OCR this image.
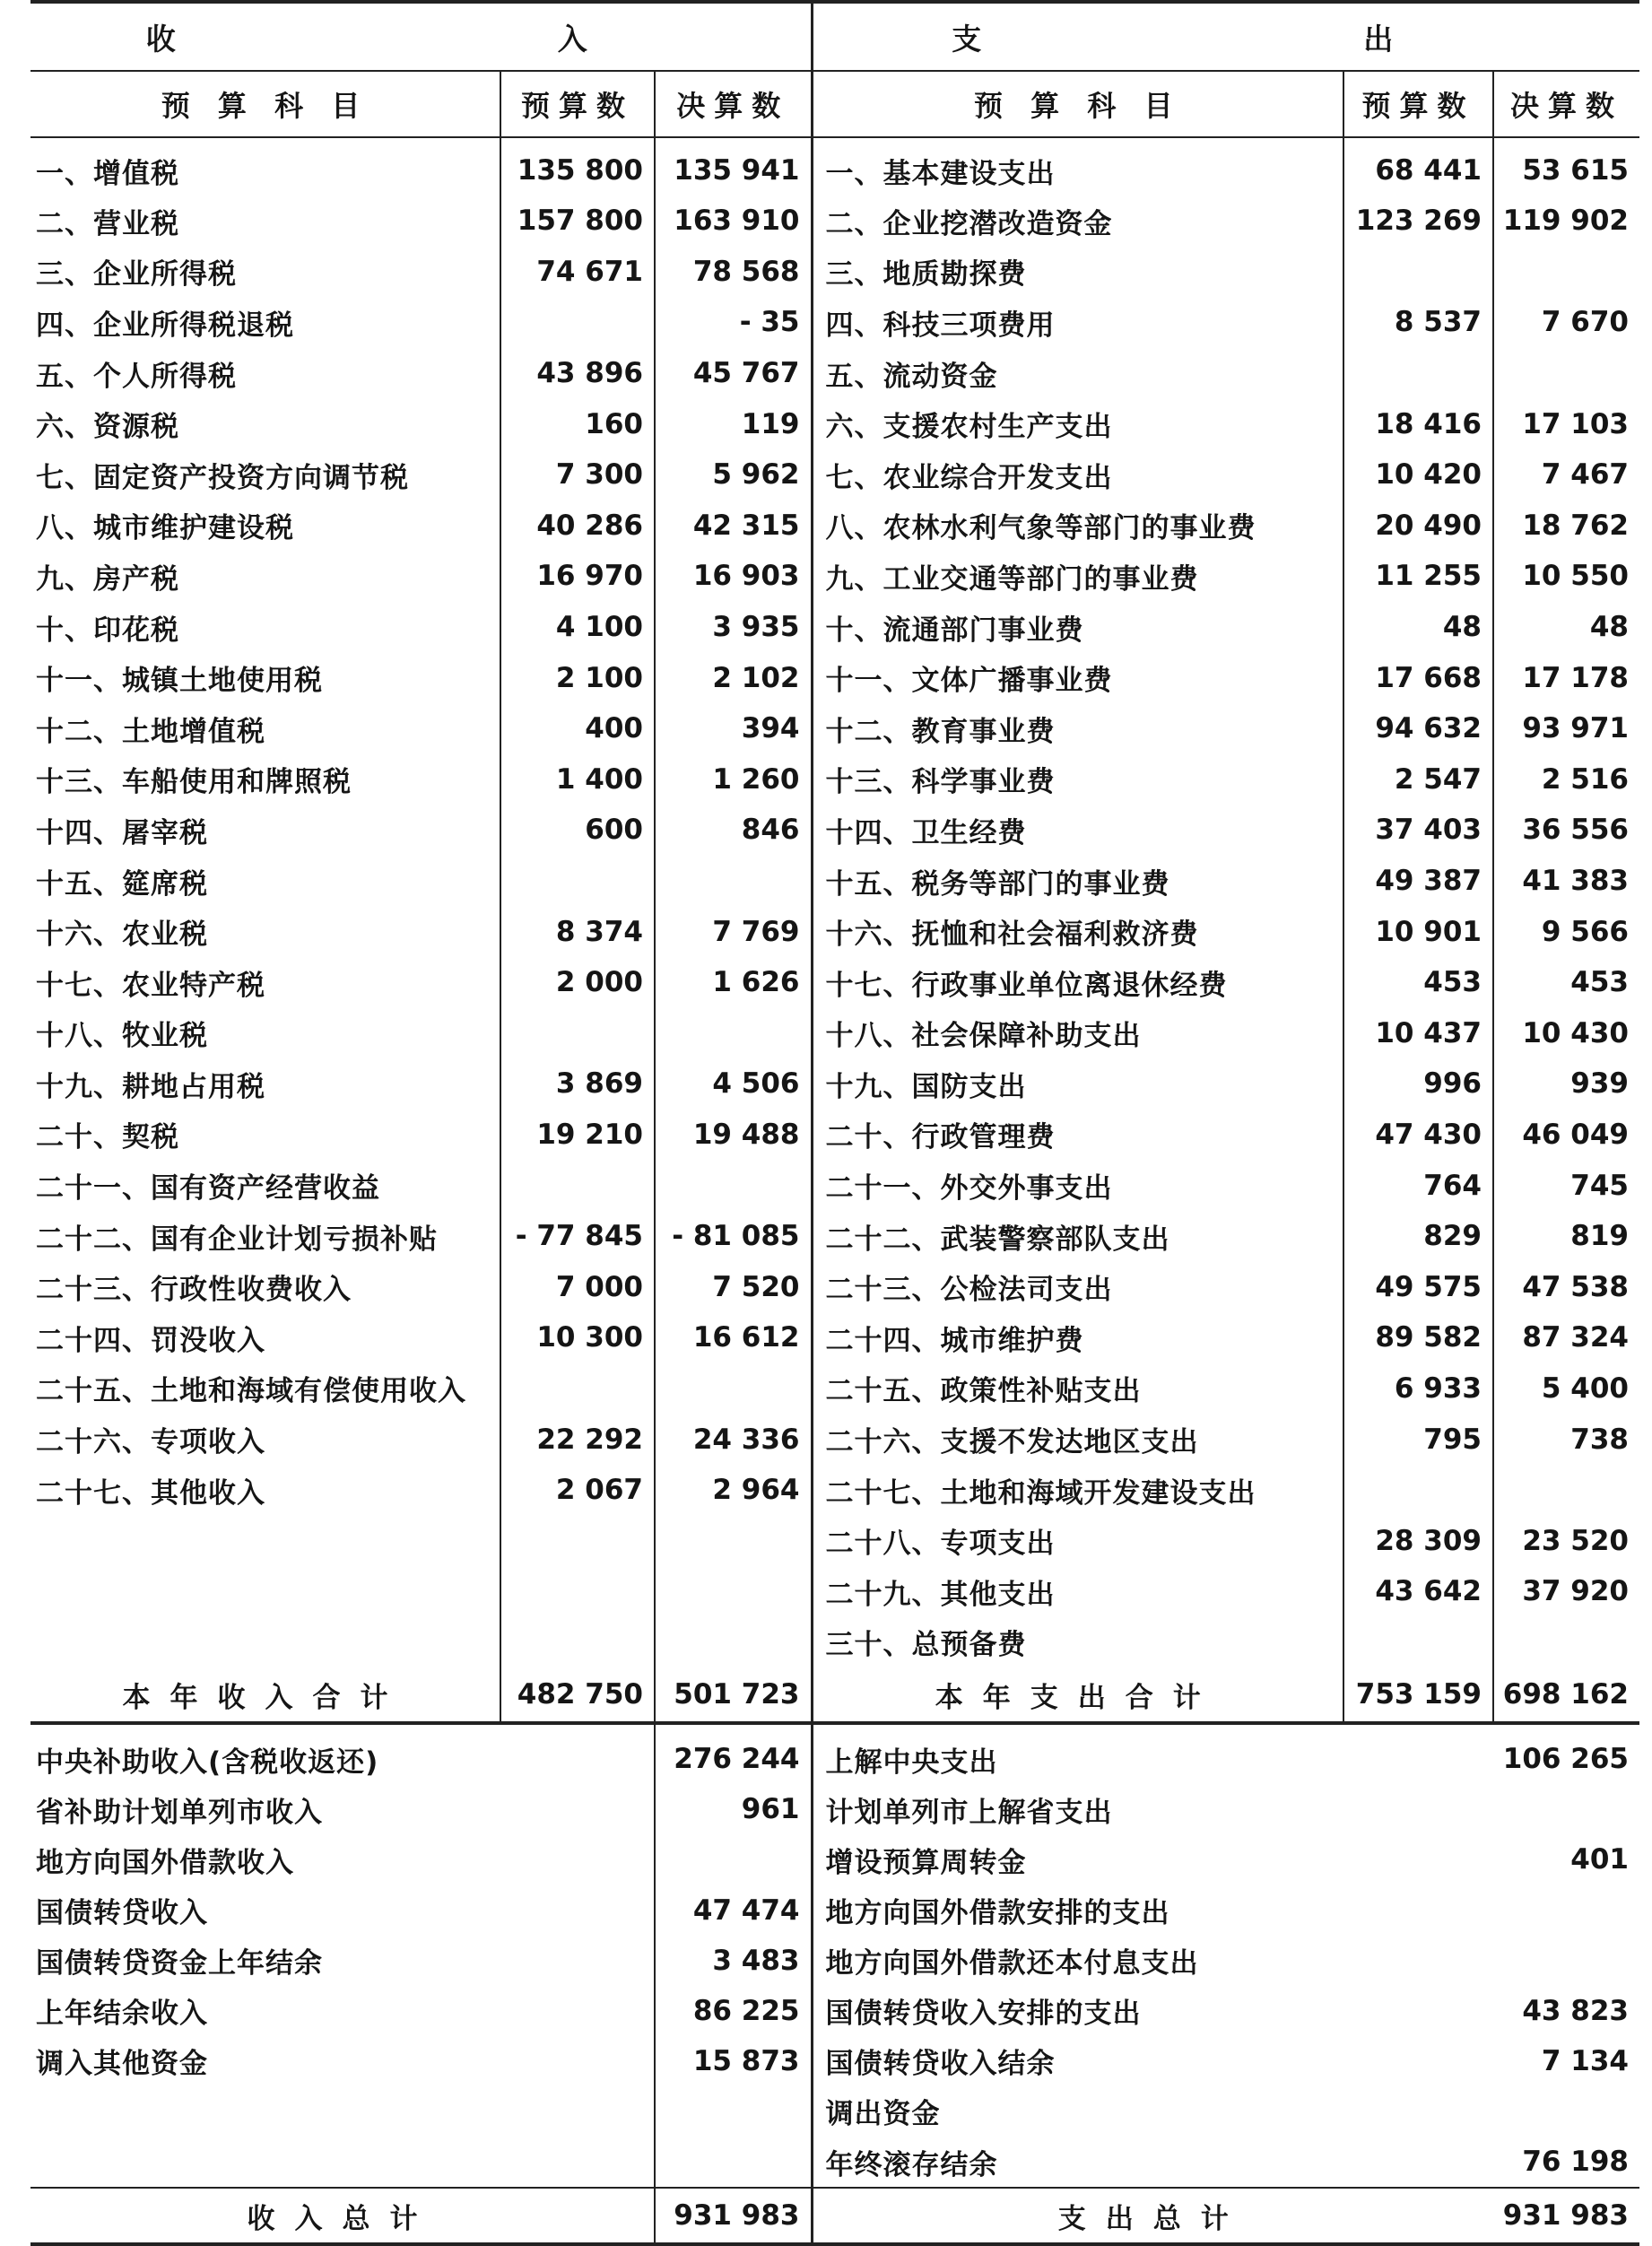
收　　入			支　　出		
预 算 科 目	预算数	决算数	预 算 科 目	预算数	决算数
一、增值税	135 800	135 941	一、基本建设支出	68 441	53 615
二、营业税	157 800	163 910	二、企业挖潜改造资金	123 269	119 902
三、企业所得税	74 671	78 568	三、地质勘探费		
四、企业所得税退税		- 35	四、科技三项费用	8 537	7 670
五、个人所得税	43 896	45 767	五、流动资金		
六、资源税	160	119	六、支援农村生产支出	18 416	17 103
七、固定资产投资方向调节税	7 300	5 962	七、农业综合开发支出	10 420	7 467
八、城市维护建设税	40 286	42 315	八、农林水利气象等部门的事业费	20 490	18 762
九、房产税	16 970	16 903	九、工业交通等部门的事业费	11 255	10 550
十、印花税	4 100	3 935	十、流通部门事业费	48	48
十一、城镇土地使用税	2 100	2 102	十一、文体广播事业费	17 668	17 178
十二、土地增值税	400	394	十二、教育事业费	94 632	93 971
十三、车船使用和牌照税	1 400	1 260	十三、科学事业费	2 547	2 516
十四、屠宰税	600	846	十四、卫生经费	37 403	36 556
十五、筵席税			十五、税务等部门的事业费	49 387	41 383
十六、农业税	8 374	7 769	十六、抚恤和社会福利救济费	10 901	9 566
十七、农业特产税	2 000	1 626	十七、行政事业单位离退休经费	453	453
十八、牧业税			十八、社会保障补助支出	10 437	10 430
十九、耕地占用税	3 869	4 506	十九、国防支出	996	939
二十、契税	19 210	19 488	二十、行政管理费	47 430	46 049
二十一、国有资产经营收益			二十一、外交外事支出	764	745
二十二、国有企业计划亏损补贴	- 77 845	- 81 085	二十二、武装警察部队支出	829	819
二十三、行政性收费收入	7 000	7 520	二十三、公检法司支出	49 575	47 538
二十四、罚没收入	10 300	16 612	二十四、城市维护费	89 582	87 324
二十五、土地和海域有偿使用收入			二十五、政策性补贴支出	6 933	5 400
二十六、专项收入	22 292	24 336	二十六、支援不发达地区支出	795	738
二十七、其他收入	2 067	2 964	二十七、土地和海域开发建设支出		
			二十八、专项支出	28 309	23 520
			二十九、其他支出	43 642	37 920
			三十、总预备费		
本年收入合计	482 750	501 723	本年支出合计	753 159	698 162
中央补助收入(含税收返还)		276 244	上解中央支出		106 265
省补助计划单列市收入		961	计划单列市上解省支出		
地方向国外借款收入			增设预算周转金		401
国债转贷收入		47 474	地方向国外借款安排的支出		
国债转贷资金上年结余		3 483	地方向国外借款还本付息支出		
上年结余收入		86 225	国债转贷收入安排的支出		43 823
调入其他资金		15 873	国债转贷收入结余		7 134
			调出资金		
			年终滚存结余		76 198
收入总计		931 983	支出总计		931 983
